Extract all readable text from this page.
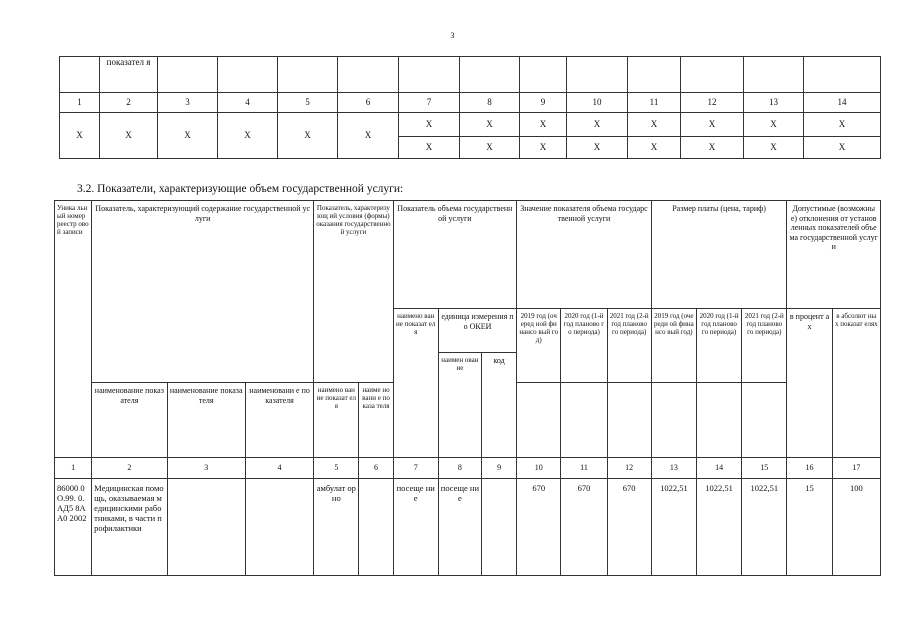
3
	показател я												
1	2	3	4	5	6	7	8	9	10	11	12	13	14
Х	Х	Х	Х	Х	Х	Х	Х	Х	Х	Х	Х	Х	Х
						Х	Х	Х	Х	Х	Х	Х	Х
3.2. Показатели, характеризующие объем государственной услуги:
Уника льный номер реестр овой записи	Показатель, характеризующий содержание государственной услуги			Показатель, характеризующ ий условия (формы) оказания государственно й услуги		Показатель объема государственной услуги			Значение показателя объема государственной услуги			Размер платы (цена, тариф)			Допустимые (возможные) отклонения от установленных показателей объема государственной услуги	
						наимено вание показат еля	единица измерения по ОКЕИ		2019 год (очеред ной финансо вый год)	2020 год (1-й год планово го периода)	2021 год (2-й год планово го периода)	2019 год (очереди ой финансо вый год)	2020 год (1-й год планово го периода)	2021 год (2-й год планово го периода)	в процент ах	в абсолют ных показат елях
							наимен ование	код								
	наименование показателя	наименование показателя	наименовани е показателя	наимено вание показат еля	наиме новани е показа теля											
1	2	3	4	5	6	7	8	9	10	11	12	13	14	15	16	17
86000 0О.99. 0.АД5 8АА0 2002	Медицинская помощь, оказываемая медицинскими работниками, в части профилактики			амбулат орно		посеще ние	посеще ние		670	670	670	1022,51	1022,51	1022,51	15	100
